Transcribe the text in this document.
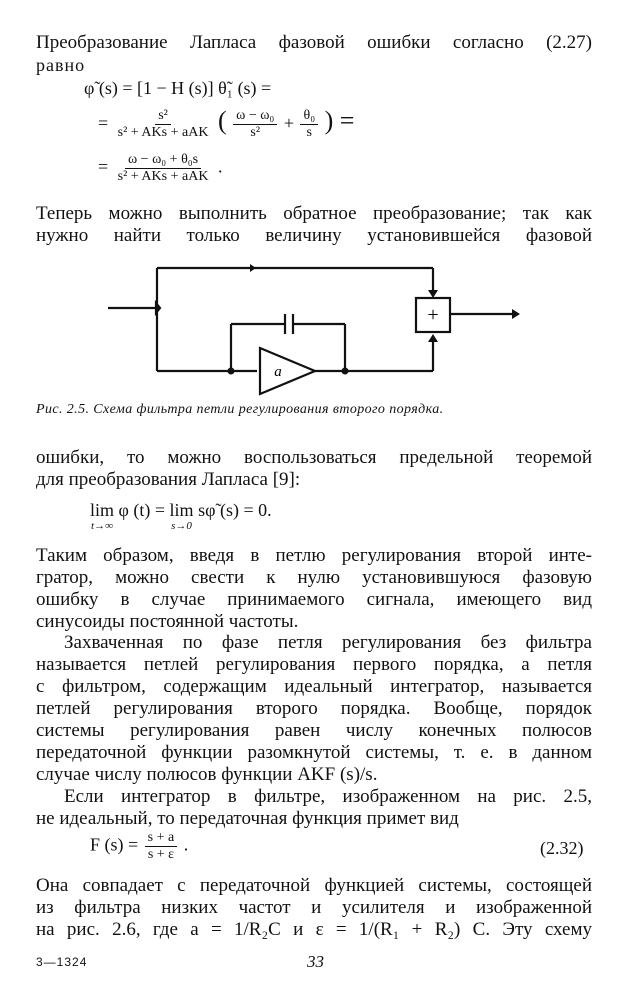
Преобразование Лапласа фазовой ошибки согласно (2.27)
равно
φ̃ (s) = [1 − H (s)] θ̃₁ (s) =
= $\frac{\text{s²}}{\text{s² + AKs + aAK}}$ ( $\frac{\text{ω − ω₀}}{\text{s²}} + \frac{\text{θ₀}}{s}$ ) =
= $\frac{\text{ω − ω₀ + θ₀s}}{\text{s² + AKs + aAK}}$ .
Теперь можно выполнить обратное преобразование; так как
нужно найти только величину установившейся фазовой
+
a
Рис. 2.5. Схема фильтра петли регулирования второго порядка.
ошибки, то можно воспользоваться предельной теоремой
для преобразования Лапласа [9]:
lim
t→∞
φ (t) = lim
s→0
sφ̃ (s) = 0.
Таким образом, введя в петлю регулирования второй инте-
гратор, можно свести к нулю установившуюся фазовую
ошибку в случае принимаемого сигнала, имеющего вид
синусоиды постоянной частоты.
Захваченная по фазе петля регулирования без фильтра
называется петлей регулирования первого порядка, а петля
с фильтром, содержащим идеальный интегратор, называется
петлей регулирования второго порядка. Вообще, порядок
системы регулирования равен числу конечных полюсов
передаточной функции разомкнутой системы, т. е. в данном
случае числу полюсов функции AKF (s)/s.
Если интегратор в фильтре, изображенном на рис. 2.5,
не идеальный, то передаточная функция примет вид
F $(s) = \frac{s + a}{s + \varepsilon}$ .	(2.32)
Она совпадает с передаточной функцией системы, состоящей
из фильтра низких частот и усилителя и изображенной
на рис. 2.6, где a = 1/R₂C и ε = 1/(R₁ + R₂) C. Эту схему
3—1324	33
